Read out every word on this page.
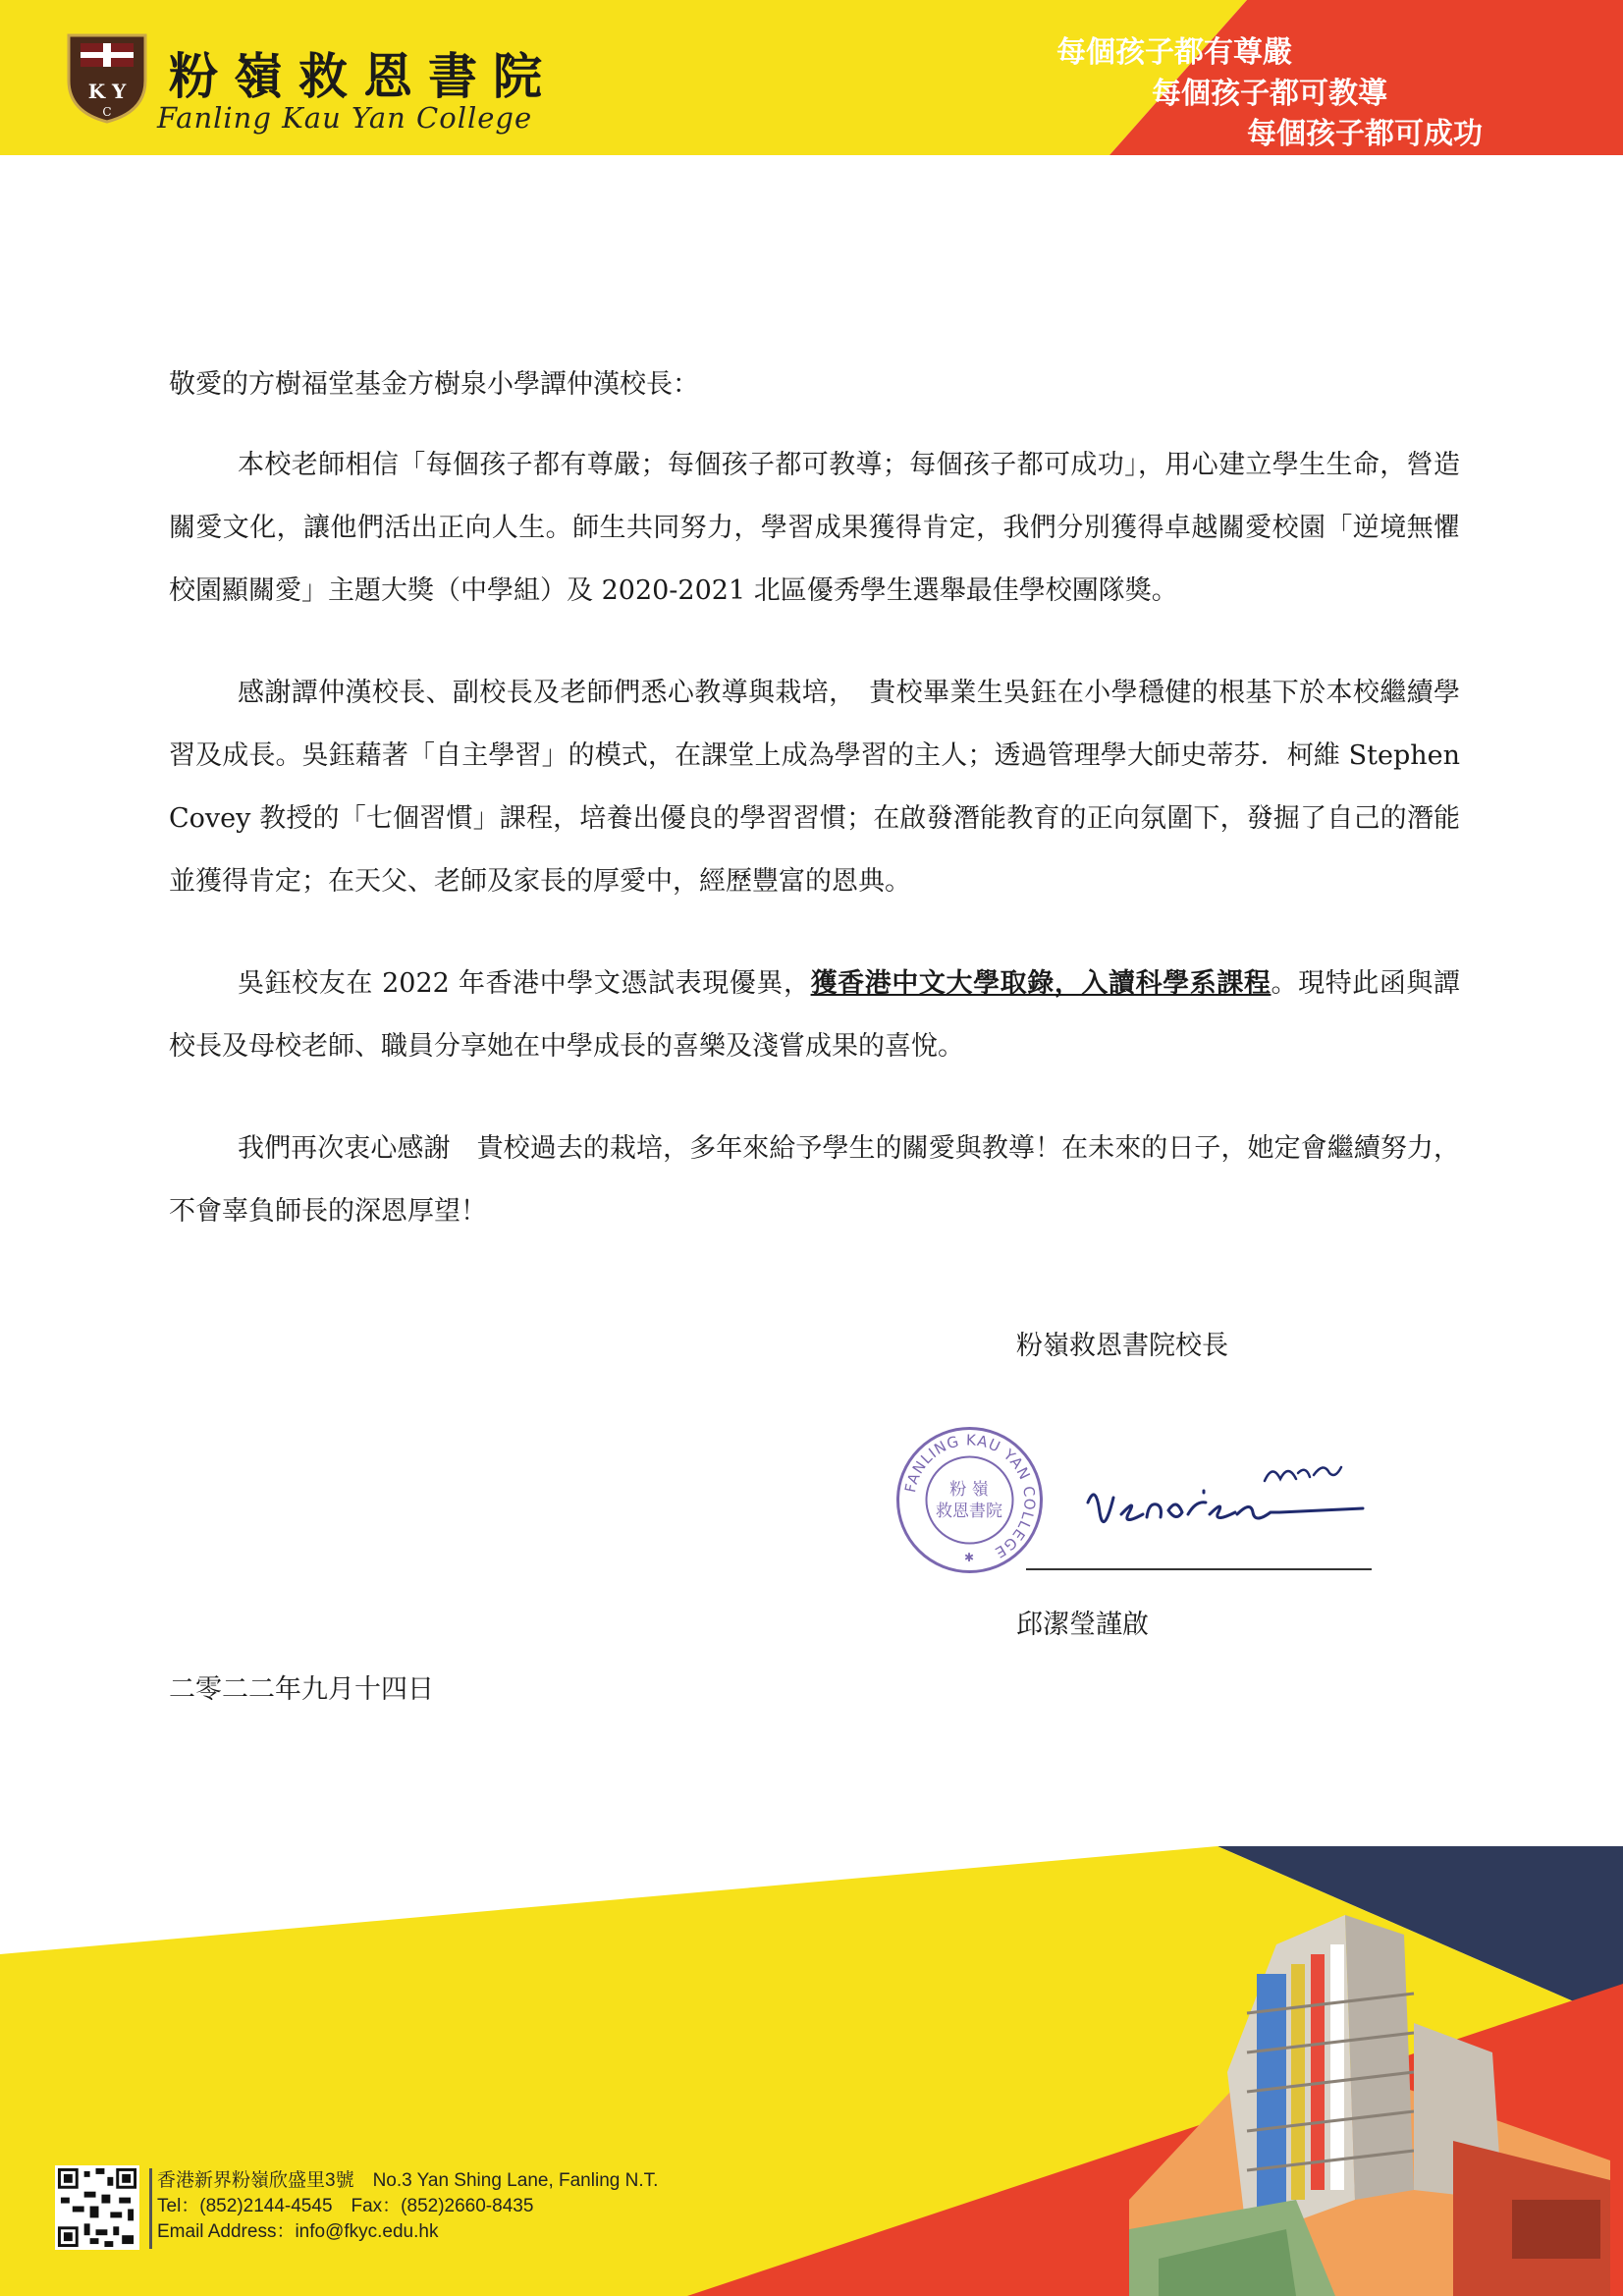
K Y
C
粉嶺救恩書院
Fanling Kau Yan College
每個孩子都有尊嚴
每個孩子都可教導
每個孩子都可成功

敬愛的方樹福堂基金方樹泉小學譚仲漢校長：

本校老師相信「每個孩子都有尊嚴；每個孩子都可教導；每個孩子都可成功」，用心建立學生生命，營造關愛文化，讓他們活出正向人生。師生共同努力，學習成果獲得肯定，我們分別獲得卓越關愛校園「逆境無懼　校園顯關愛」主題大獎（中學組）及 2020-2021 北區優秀學生選舉最佳學校團隊獎。

感謝譚仲漢校長、副校長及老師們悉心教導與栽培，　貴校畢業生吳鈺在小學穩健的根基下於本校繼續學習及成長。吳鈺藉著「自主學習」的模式，在課堂上成為學習的主人；透過管理學大師史蒂芬．柯維 Stephen Covey 教授的「七個習慣」課程，培養出優良的學習習慣；在啟發潛能教育的正向氛圍下，發掘了自己的潛能並獲得肯定；在天父、老師及家長的厚愛中，經歷豐富的恩典。

吳鈺校友在 2022 年香港中學文憑試表現優異，獲香港中文大學取錄，入讀科學系課程。現特此函與譚校長及母校老師、職員分享她在中學成長的喜樂及淺嘗成果的喜悅。

我們再次衷心感謝　貴校過去的栽培，多年來給予學生的關愛與教導！在未來的日子，她定會繼續努力，不會辜負師長的深恩厚望！

粉嶺救恩書院校長
FANLING KAU YAN COLLEGE
粉 嶺
救恩書院
✱
邱潔瑩謹啟
二零二二年九月十四日
香港新界粉嶺欣盛里3號　No.3 Yan Shing Lane, Fanling N.T.
Tel：(852)2144-4545　Fax：(852)2660-8435
Email Address：info@fkyc.edu.hk
